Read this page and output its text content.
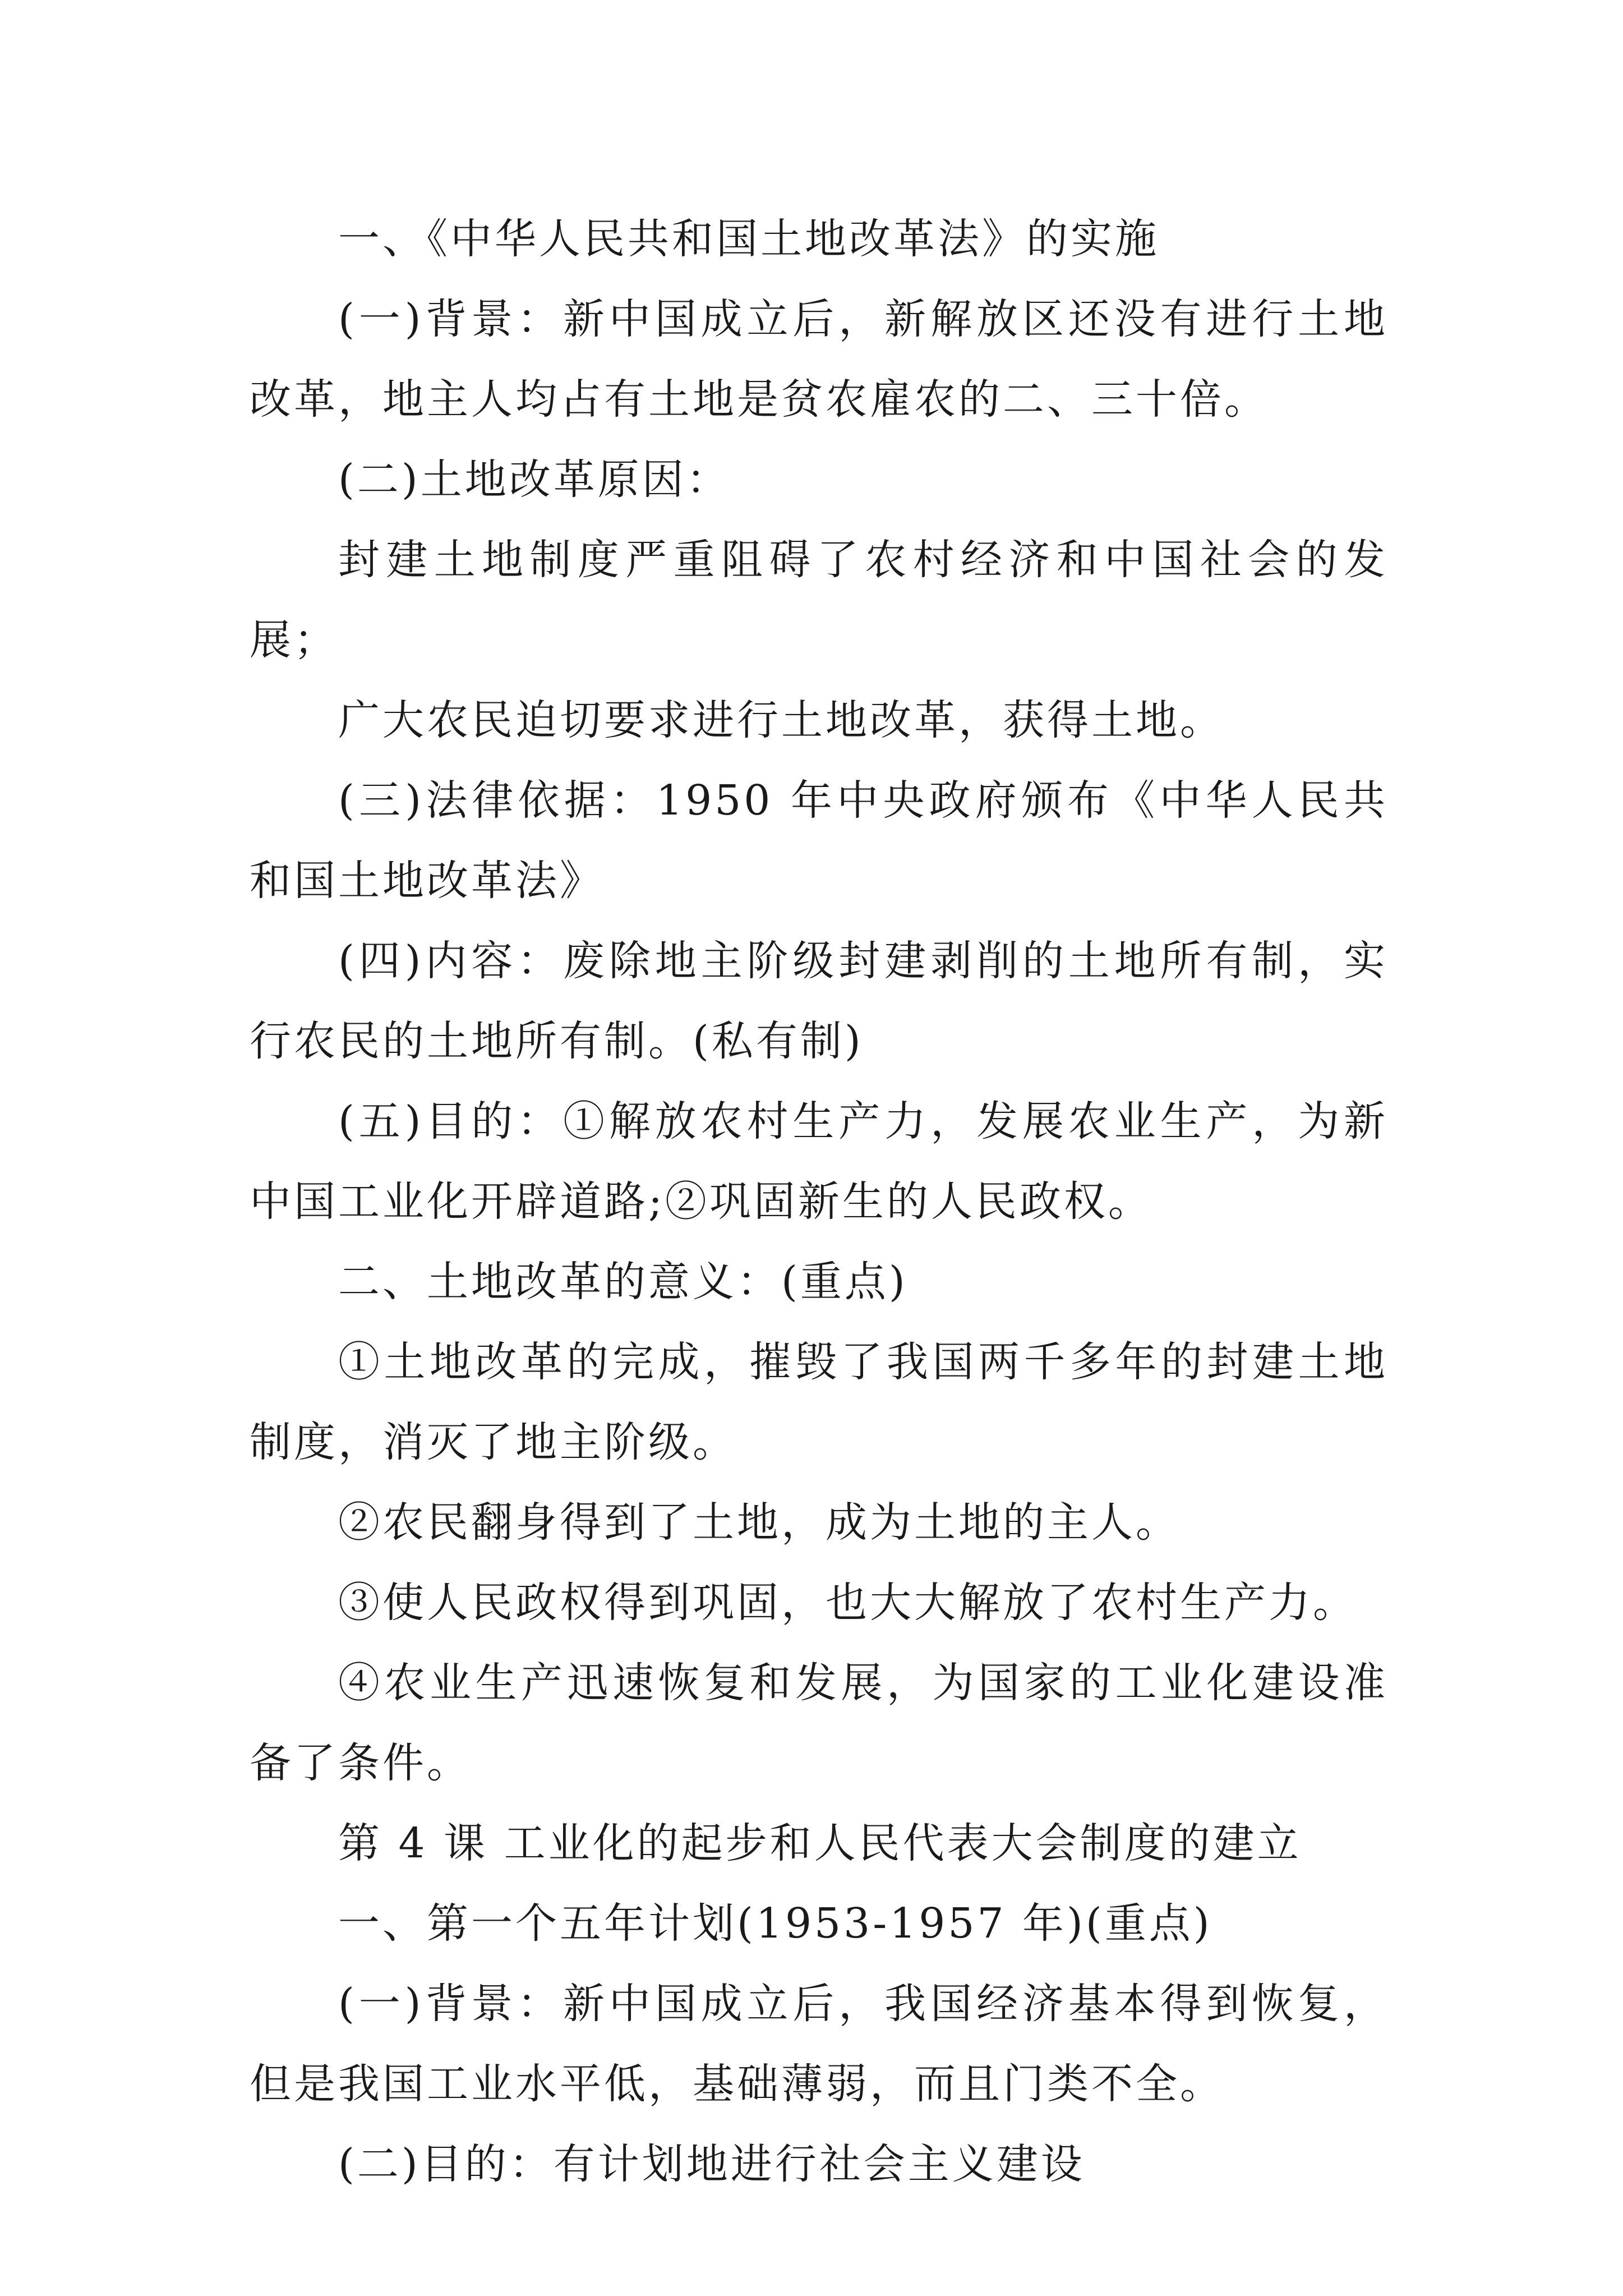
一、《中华人民共和国土地改革法》的实施

(一)背景：新中国成立后，新解放区还没有进行土地改革，地主人均占有土地是贫农雇农的二、三十倍。

(二)土地改革原因：

封建土地制度严重阻碍了农村经济和中国社会的发展；

广大农民迫切要求进行土地改革，获得土地。

(三)法律依据：1950 年中央政府颁布《中华人民共和国土地改革法》

(四)内容：废除地主阶级封建剥削的土地所有制，实行农民的土地所有制。(私有制)

(五)目的：①解放农村生产力，发展农业生产，为新中国工业化开辟道路;②巩固新生的人民政权。

二、土地改革的意义：(重点)

①土地改革的完成，摧毁了我国两千多年的封建土地制度，消灭了地主阶级。

②农民翻身得到了土地，成为土地的主人。

③使人民政权得到巩固，也大大解放了农村生产力。

④农业生产迅速恢复和发展，为国家的工业化建设准备了条件。

第 4 课 工业化的起步和人民代表大会制度的建立

一、第一个五年计划(1953-1957 年)(重点)

(一)背景：新中国成立后，我国经济基本得到恢复，但是我国工业水平低，基础薄弱，而且门类不全。

(二)目的：有计划地进行社会主义建设
